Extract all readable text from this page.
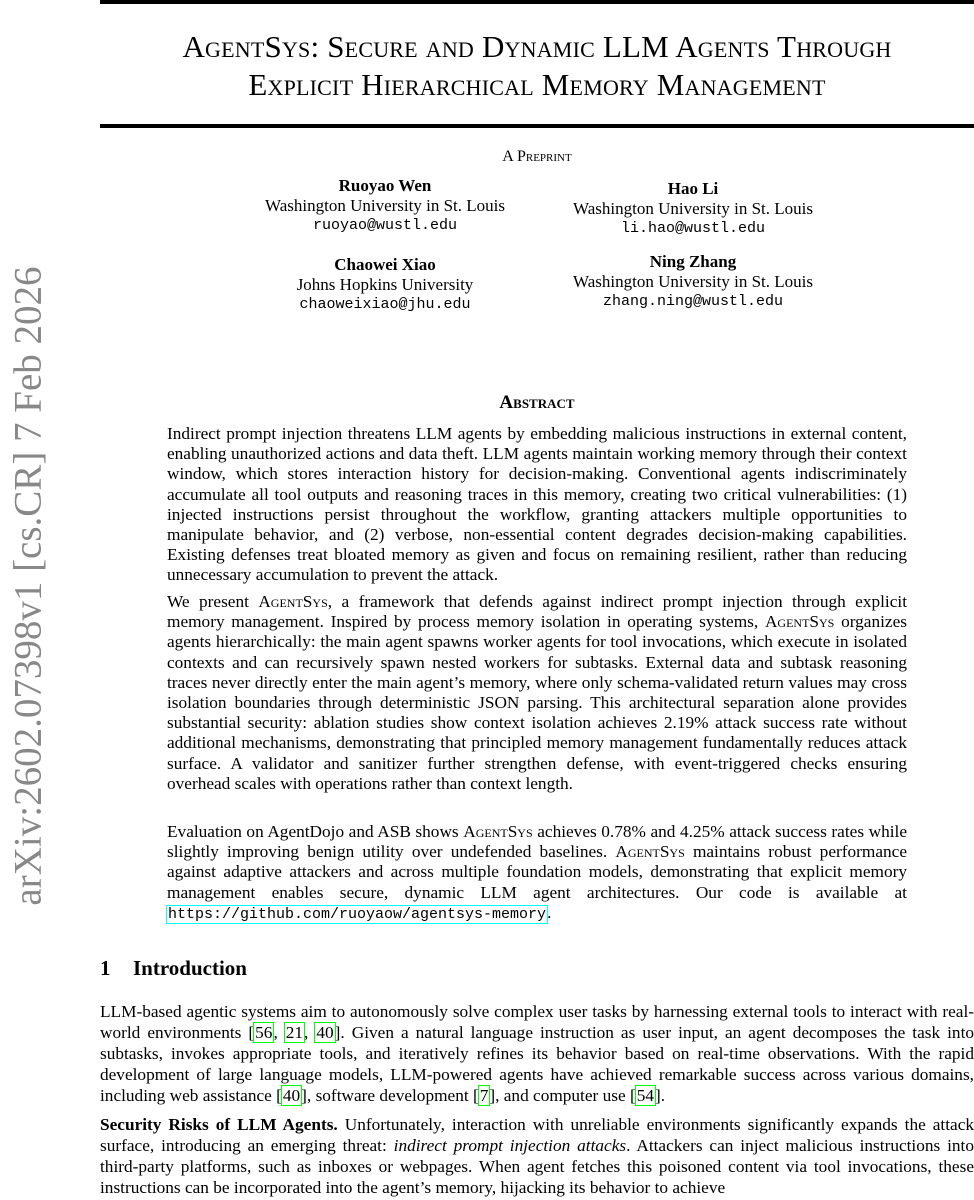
AgentSys: Secure and Dynamic LLM Agents Through
Explicit Hierarchical Memory Management
A Preprint
Ruoyao Wen
Washington University in St. Louis
ruoyao@wustl.edu
Hao Li
Washington University in St. Louis
li.hao@wustl.edu
Chaowei Xiao
Johns Hopkins University
chaoweixiao@jhu.edu
Ning Zhang
Washington University in St. Louis
zhang.ning@wustl.edu
arXiv:2602.07398v1 [cs.CR] 7 Feb 2026	Abstract

Indirect prompt injection threatens LLM agents by embedding malicious instructions in external content, enabling unauthorized actions and data theft. LLM agents maintain working memory through their context window, which stores interaction history for decision-making. Conventional agents indiscriminately accumulate all tool outputs and reasoning traces in this memory, creating two critical vulnerabilities: (1) injected instructions persist throughout the workflow, granting attackers multiple opportunities to manipulate behavior, and (2) verbose, non-essential content degrades decision-making capabilities. Existing defenses treat bloated memory as given and focus on remaining resilient, rather than reducing unnecessary accumulation to prevent the attack.

We present AgentSys, a framework that defends against indirect prompt injection through explicit memory management. Inspired by process memory isolation in operating systems, AgentSys organizes agents hierarchically: the main agent spawns worker agents for tool invocations, which execute in isolated contexts and can recursively spawn nested workers for subtasks. External data and subtask reasoning traces never directly enter the main agent’s memory, where only schema-validated return values may cross isolation boundaries through deterministic JSON parsing. This architectural separation alone provides substantial security: ablation studies show context isolation achieves 2.19% attack success rate without additional mechanisms, demonstrating that principled memory management fundamentally reduces attack surface. A validator and sanitizer further strengthen defense, with event-triggered checks ensuring overhead scales with operations rather than context length.

Evaluation on AgentDojo and ASB shows AgentSys achieves 0.78% and 4.25% attack success rates while slightly improving benign utility over undefended baselines. AgentSys maintains robust performance against adaptive attackers and across multiple foundation models, demonstrating that explicit memory management enables secure, dynamic LLM agent architectures. Our code is available at https://github.com/ruoyaow/agentsys-memory.

1 Introduction

LLM-based agentic systems aim to autonomously solve complex user tasks by harnessing external tools to interact with real-world environments [56, 21, 40]. Given a natural language instruction as user input, an agent decomposes the task into subtasks, invokes appropriate tools, and iteratively refines its behavior based on real-time observations. With the rapid development of large language models, LLM-powered agents have achieved remarkable success across various domains, including web assistance [40], software development [7], and computer use [54].

Security Risks of LLM Agents. Unfortunately, interaction with unreliable environments significantly expands the attack surface, introducing an emerging threat: indirect prompt injection attacks. Attackers can inject malicious instructions into third-party platforms, such as inboxes or webpages. When agent fetches this poisoned content via tool invocations, these instructions can be incorporated into the agent’s memory, hijacking its behavior to achieve
